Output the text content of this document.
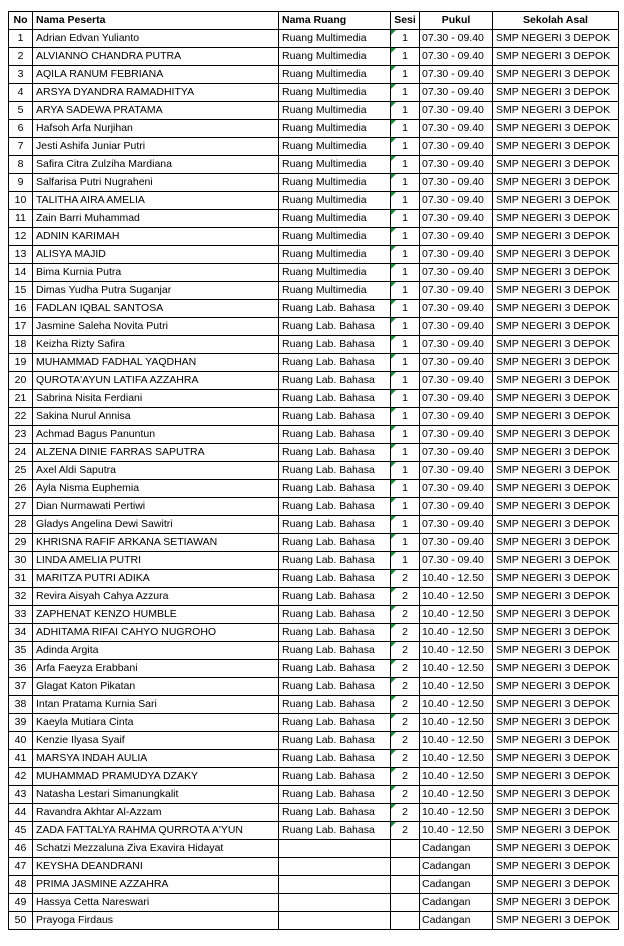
No	Nama Peserta	Nama Ruang	Sesi	Pukul	Sekolah Asal
1	Adrian Edvan Yulianto	Ruang Multimedia	1	07.30 - 09.40	SMP NEGERI 3 DEPOK
2	ALVIANNO CHANDRA PUTRA	Ruang Multimedia	1	07.30 - 09.40	SMP NEGERI 3 DEPOK
3	AQILA RANUM FEBRIANA	Ruang Multimedia	1	07.30 - 09.40	SMP NEGERI 3 DEPOK
4	ARSYA DYANDRA RAMADHITYA	Ruang Multimedia	1	07.30 - 09.40	SMP NEGERI 3 DEPOK
5	ARYA SADEWA PRATAMA	Ruang Multimedia	1	07.30 - 09.40	SMP NEGERI 3 DEPOK
6	Hafsoh Arfa Nurjihan	Ruang Multimedia	1	07.30 - 09.40	SMP NEGERI 3 DEPOK
7	Jesti Ashifa Juniar Putri	Ruang Multimedia	1	07.30 - 09.40	SMP NEGERI 3 DEPOK
8	Safira Citra Zulziha Mardiana	Ruang Multimedia	1	07.30 - 09.40	SMP NEGERI 3 DEPOK
9	Salfarisa Putri Nugraheni	Ruang Multimedia	1	07.30 - 09.40	SMP NEGERI 3 DEPOK
10	TALITHA AIRA AMELIA	Ruang Multimedia	1	07.30 - 09.40	SMP NEGERI 3 DEPOK
11	Zain Barri Muhammad	Ruang Multimedia	1	07.30 - 09.40	SMP NEGERI 3 DEPOK
12	ADNIN KARIMAH	Ruang Multimedia	1	07.30 - 09.40	SMP NEGERI 3 DEPOK
13	ALISYA MAJID	Ruang Multimedia	1	07.30 - 09.40	SMP NEGERI 3 DEPOK
14	Bima Kurnia Putra	Ruang Multimedia	1	07.30 - 09.40	SMP NEGERI 3 DEPOK
15	Dimas Yudha Putra Suganjar	Ruang Multimedia	1	07.30 - 09.40	SMP NEGERI 3 DEPOK
16	FADLAN IQBAL SANTOSA	Ruang Lab. Bahasa	1	07.30 - 09.40	SMP NEGERI 3 DEPOK
17	Jasmine Saleha Novita Putri	Ruang Lab. Bahasa	1	07.30 - 09.40	SMP NEGERI 3 DEPOK
18	Keizha Rizty Safira	Ruang Lab. Bahasa	1	07.30 - 09.40	SMP NEGERI 3 DEPOK
19	MUHAMMAD FADHAL YAQDHAN	Ruang Lab. Bahasa	1	07.30 - 09.40	SMP NEGERI 3 DEPOK
20	QUROTA'AYUN LATIFA AZZAHRA	Ruang Lab. Bahasa	1	07.30 - 09.40	SMP NEGERI 3 DEPOK
21	Sabrina Nisita Ferdiani	Ruang Lab. Bahasa	1	07.30 - 09.40	SMP NEGERI 3 DEPOK
22	Sakina Nurul Annisa	Ruang Lab. Bahasa	1	07.30 - 09.40	SMP NEGERI 3 DEPOK
23	Achmad Bagus Panuntun	Ruang Lab. Bahasa	1	07.30 - 09.40	SMP NEGERI 3 DEPOK
24	ALZENA DINIE FARRAS SAPUTRA	Ruang Lab. Bahasa	1	07.30 - 09.40	SMP NEGERI 3 DEPOK
25	Axel Aldi Saputra	Ruang Lab. Bahasa	1	07.30 - 09.40	SMP NEGERI 3 DEPOK
26	Ayla Nisma Euphemia	Ruang Lab. Bahasa	1	07.30 - 09.40	SMP NEGERI 3 DEPOK
27	Dian Nurmawati Pertiwi	Ruang Lab. Bahasa	1	07.30 - 09.40	SMP NEGERI 3 DEPOK
28	Gladys Angelina Dewi Sawitri	Ruang Lab. Bahasa	1	07.30 - 09.40	SMP NEGERI 3 DEPOK
29	KHRISNA RAFIF ARKANA SETIAWAN	Ruang Lab. Bahasa	1	07.30 - 09.40	SMP NEGERI 3 DEPOK
30	LINDA AMELIA PUTRI	Ruang Lab. Bahasa	1	07.30 - 09.40	SMP NEGERI 3 DEPOK
31	MARITZA PUTRI ADIKA	Ruang Lab. Bahasa	2	10.40 - 12.50	SMP NEGERI 3 DEPOK
32	Revira Aisyah Cahya Azzura	Ruang Lab. Bahasa	2	10.40 - 12.50	SMP NEGERI 3 DEPOK
33	ZAPHENAT KENZO HUMBLE	Ruang Lab. Bahasa	2	10.40 - 12.50	SMP NEGERI 3 DEPOK
34	ADHITAMA RIFAI CAHYO NUGROHO	Ruang Lab. Bahasa	2	10.40 - 12.50	SMP NEGERI 3 DEPOK
35	Adinda Argita	Ruang Lab. Bahasa	2	10.40 - 12.50	SMP NEGERI 3 DEPOK
36	Arfa Faeyza Erabbani	Ruang Lab. Bahasa	2	10.40 - 12.50	SMP NEGERI 3 DEPOK
37	Glagat Katon Pikatan	Ruang Lab. Bahasa	2	10.40 - 12.50	SMP NEGERI 3 DEPOK
38	Intan Pratama Kurnia Sari	Ruang Lab. Bahasa	2	10.40 - 12.50	SMP NEGERI 3 DEPOK
39	Kaeyla Mutiara Cinta	Ruang Lab. Bahasa	2	10.40 - 12.50	SMP NEGERI 3 DEPOK
40	Kenzie Ilyasa Syaif	Ruang Lab. Bahasa	2	10.40 - 12.50	SMP NEGERI 3 DEPOK
41	MARSYA INDAH AULIA	Ruang Lab. Bahasa	2	10.40 - 12.50	SMP NEGERI 3 DEPOK
42	MUHAMMAD PRAMUDYA DZAKY	Ruang Lab. Bahasa	2	10.40 - 12.50	SMP NEGERI 3 DEPOK
43	Natasha Lestari Simanungkalit	Ruang Lab. Bahasa	2	10.40 - 12.50	SMP NEGERI 3 DEPOK
44	Ravandra Akhtar Al-Azzam	Ruang Lab. Bahasa	2	10.40 - 12.50	SMP NEGERI 3 DEPOK
45	ZADA FATTALYA RAHMA QURROTA A'YUN	Ruang Lab. Bahasa	2	10.40 - 12.50	SMP NEGERI 3 DEPOK
46	Schatzi Mezzaluna Ziva Exavira Hidayat			Cadangan	SMP NEGERI 3 DEPOK
47	KEYSHA DEANDRANI			Cadangan	SMP NEGERI 3 DEPOK
48	PRIMA JASMINE AZZAHRA			Cadangan	SMP NEGERI 3 DEPOK
49	Hassya Cetta Nareswari			Cadangan	SMP NEGERI 3 DEPOK
50	Prayoga Firdaus			Cadangan	SMP NEGERI 3 DEPOK
